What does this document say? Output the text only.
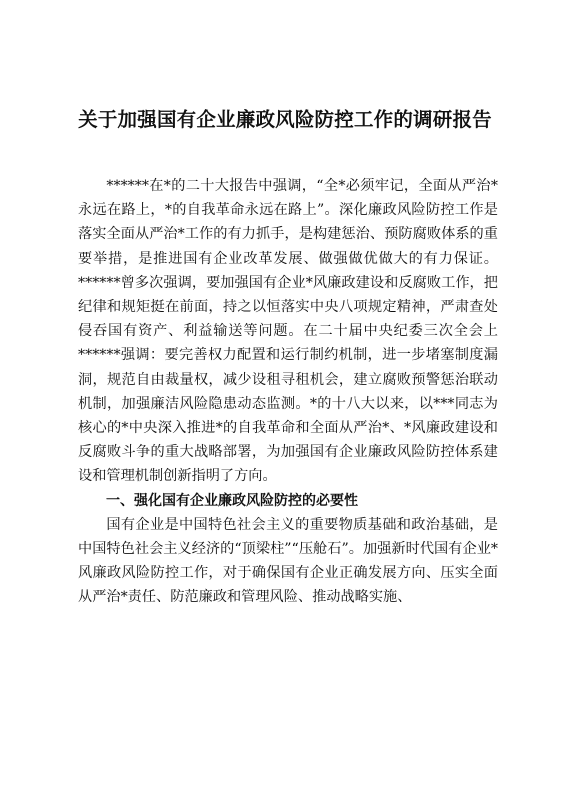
关于加强国有企业廉政风险防控工作的调研报告

******在*的二十大报告中强调，“全*必须牢记，全面从严治*永远在路上，*的自我革命永远在路上”。深化廉政风险防控工作是落实全面从严治*工作的有力抓手，是构建惩治、预防腐败体系的重要举措，是推进国有企业改革发展、做强做优做大的有力保证。******曾多次强调，要加强国有企业*风廉政建设和反腐败工作，把纪律和规矩挺在前面，持之以恒落实中央八项规定精神，严肃查处侵吞国有资产、利益输送等问题。在二十届中央纪委三次全会上******强调：要完善权力配置和运行制约机制，进一步堵塞制度漏洞，规范自由裁量权，减少设租寻租机会，建立腐败预警惩治联动机制，加强廉洁风险隐患动态监测。*的十八大以来，以***同志为核心的*中央深入推进*的自我革命和全面从严治*、*风廉政建设和反腐败斗争的重大战略部署，为加强国有企业廉政风险防控体系建设和管理机制创新指明了方向。

一、强化国有企业廉政风险防控的必要性

国有企业是中国特色社会主义的重要物质基础和政治基础，是中国特色社会主义经济的“顶梁柱”“压舱石”。加强新时代国有企业*风廉政风险防控工作，对于确保国有企业正确发展方向、压实全面从严治*责任、防范廉政和管理风险、推动战略实施、
